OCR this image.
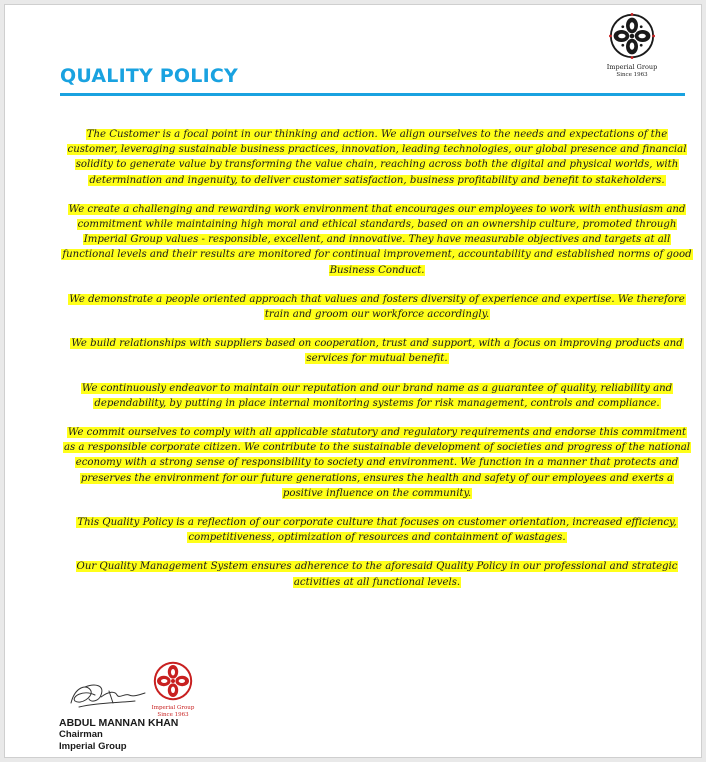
Imperial Group
Since 1963
QUALITY POLICY

The Customer is a focal point in our thinking and action. We align ourselves to the needs and expectations of the customer, leveraging sustainable business practices, innovation, leading technologies, our global presence and financial solidity to generate value by transforming the value chain, reaching across both the digital and physical worlds, with determination and ingenuity, to deliver customer satisfaction, business profitability and benefit to stakeholders.

We create a challenging and rewarding work environment that encourages our employees to work with enthusiasm and commitment while maintaining high moral and ethical standards, based on an ownership culture, promoted through Imperial Group values - responsible, excellent, and innovative. They have measurable objectives and targets at all functional levels and their results are monitored for continual improvement, accountability and established norms of good Business Conduct.

We demonstrate a people oriented approach that values and fosters diversity of experience and expertise. We therefore train and groom our workforce accordingly.

We build relationships with suppliers based on cooperation, trust and support, with a focus on improving products and services for mutual benefit.

We continuously endeavor to maintain our reputation and our brand name as a guarantee of quality, reliability and dependability, by putting in place internal monitoring systems for risk management, controls and compliance.

We commit ourselves to comply with all applicable statutory and regulatory requirements and endorse this commitment as a responsible corporate citizen. We contribute to the sustainable development of societies and progress of the national economy with a strong sense of responsibility to society and environment. We function in a manner that protects and preserves the environment for our future generations, ensures the health and safety of our employees and exerts a positive influence on the community.

This Quality Policy is a reflection of our corporate culture that focuses on customer orientation, increased efficiency, competitiveness, optimization of resources and containment of wastages.

Our Quality Management System ensures adherence to the aforesaid Quality Policy in our professional and strategic activities at all functional levels.

Imperial Group
Since 1963
ABDUL MANNAN KHAN
Chairman
Imperial Group
